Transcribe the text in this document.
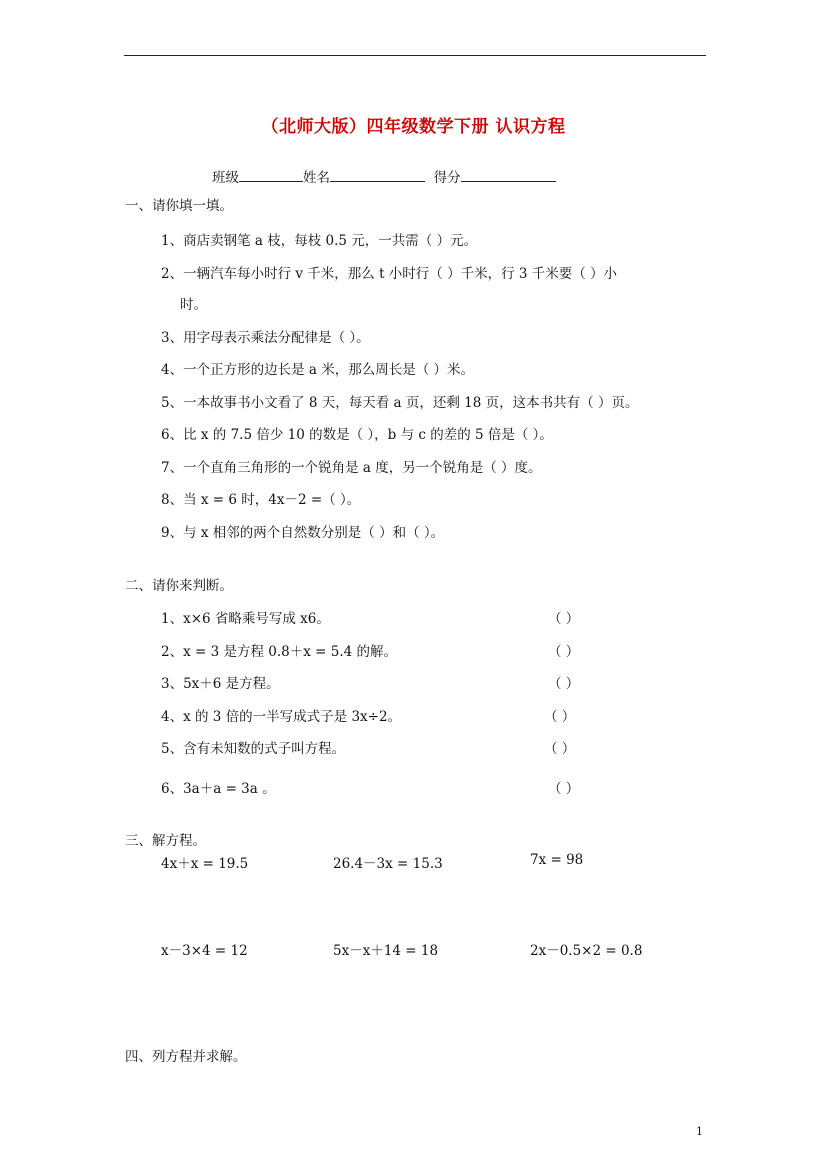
（北师大版）四年级数学下册 认识方程
班级	姓名	得分
一、请你填一填。
1、商店卖钢笔 a 枝，每枝 0.5 元，一共需（ ）元。
2、一辆汽车每小时行 v 千米，那么 t 小时行（ ）千米，行 3 千米要（ ）小
时。
3、用字母表示乘法分配律是（ ）。
4、一个正方形的边长是 a 米，那么周长是（ ）米。
5、一本故事书小文看了 8 天，每天看 a 页，还剩 18 页，这本书共有（ ）页。
6、比 x 的 7.5 倍少 10 的数是（ ），b 与 c 的差的 5 倍是（ ）。
7、一个直角三角形的一个锐角是 a 度，另一个锐角是（ ）度。
8、当 x = 6 时，4x－2 =（ ）。
9、与 x 相邻的两个自然数分别是（ ）和（ ）。
二、请你来判断。
1、x×6 省略乘号写成 x6。	（ ）
2、x = 3 是方程 0.8＋x = 5.4 的解。	（ ）
3、5x＋6 是方程。	（ ）
4、x 的 3 倍的一半写成式子是 3x÷2。	（ ）
5、含有未知数的式子叫方程。	（ ）
6、3a＋a = 3a 。	（ ）
三、解方程。
4x＋x = 19.5	26.4－3x = 15.3	7x = 98
x－3×4 = 12	5x－x＋14 = 18	2x－0.5×2 = 0.8
四、列方程并求解。
1
